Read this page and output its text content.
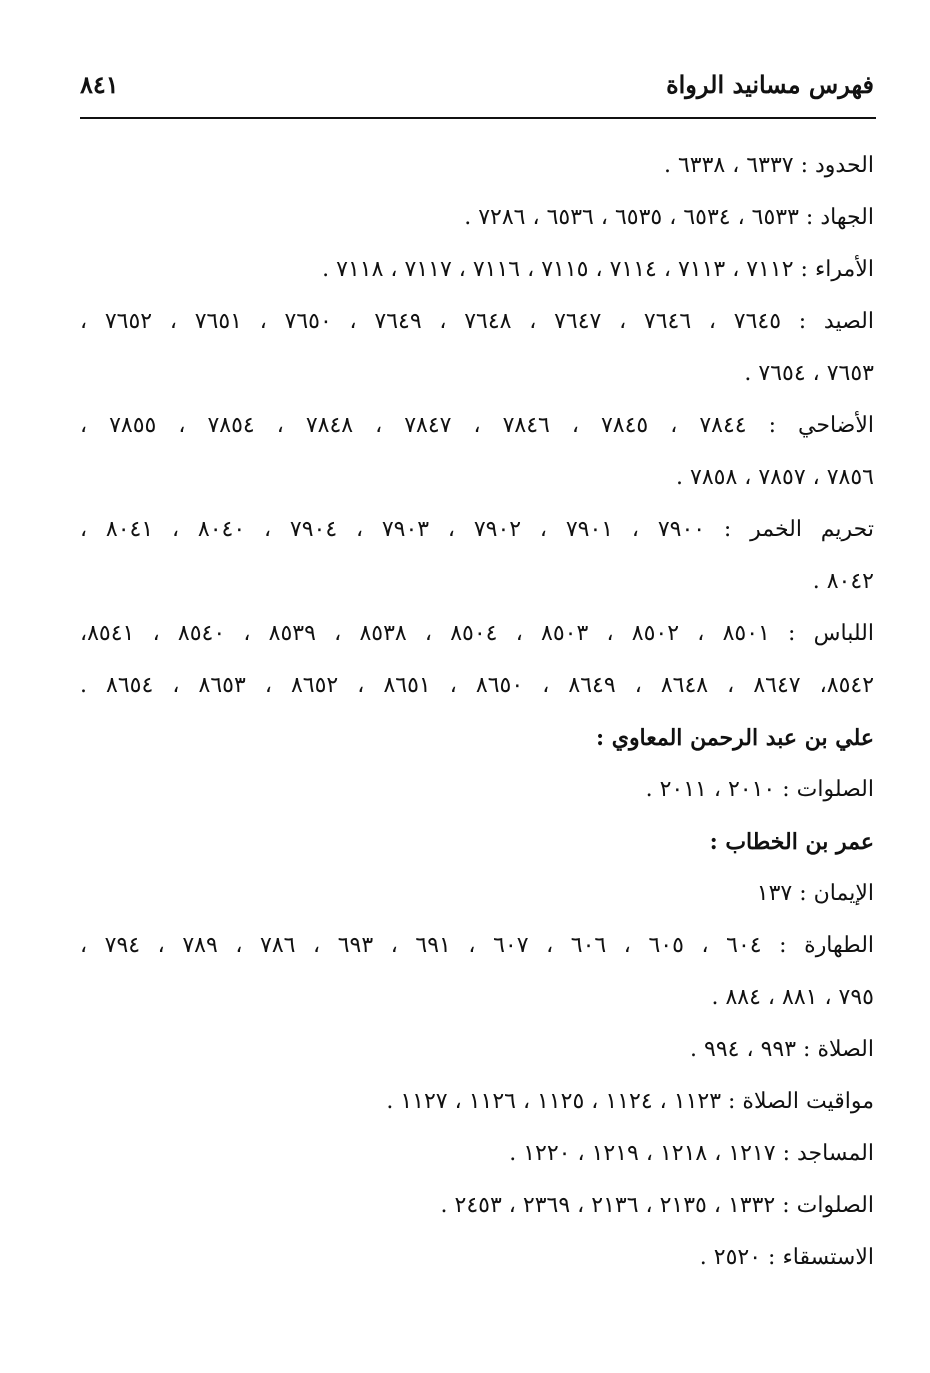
فهرس مسانيد الرواة
٨٤١
الحدود : ٦٣٣٧ ، ٦٣٣٨ .
الجهاد : ٦٥٣٣ ، ٦٥٣٤ ، ٦٥٣٥ ، ٦٥٣٦ ، ٧٢٨٦ .
الأمراء : ٧١١٢ ، ٧١١٣ ، ٧١١٤ ، ٧١١٥ ، ٧١١٦ ، ٧١١٧ ، ٧١١٨ .
الصيد : ٧٦٤٥ ، ٧٦٤٦ ، ٧٦٤٧ ، ٧٦٤٨ ، ٧٦٤٩ ، ٧٦٥٠ ، ٧٦٥١ ، ٧٦٥٢ ،
٧٦٥٣ ، ٧٦٥٤ .
الأضاحي : ٧٨٤٤ ، ٧٨٤٥ ، ٧٨٤٦ ، ٧٨٤٧ ، ٧٨٤٨ ، ٧٨٥٤ ، ٧٨٥٥ ،
٧٨٥٦ ، ٧٨٥٧ ، ٧٨٥٨ .
تحريم الخمر : ٧٩٠٠ ، ٧٩٠١ ، ٧٩٠٢ ، ٧٩٠٣ ، ٧٩٠٤ ، ٨٠٤٠ ، ٨٠٤١ ،
٨٠٤٢ .
اللباس : ٨٥٠١ ، ٨٥٠٢ ، ٨٥٠٣ ، ٨٥٠٤ ، ٨٥٣٨ ، ٨٥٣٩ ، ٨٥٤٠ ، ٨٥٤١،
٨٥٤٢، ٨٦٤٧ ، ٨٦٤٨ ، ٨٦٤٩ ، ٨٦٥٠ ، ٨٦٥١ ، ٨٦٥٢ ، ٨٦٥٣ ، ٨٦٥٤ .
علي بن عبد الرحمن المعاوي :
الصلوات : ٢٠١٠ ، ٢٠١١ .
عمر بن الخطاب :
الإيمان : ١٣٧
الطهارة : ٦٠٤ ، ٦٠٥ ، ٦٠٦ ، ٦٠٧ ، ٦٩١ ، ٦٩٣ ، ٧٨٦ ، ٧٨٩ ، ٧٩٤ ،
٧٩٥ ، ٨٨١ ، ٨٨٤ .
الصلاة : ٩٩٣ ، ٩٩٤ .
مواقيت الصلاة : ١١٢٣ ، ١١٢٤ ، ١١٢٥ ، ١١٢٦ ، ١١٢٧ .
المساجد : ١٢١٧ ، ١٢١٨ ، ١٢١٩ ، ١٢٢٠ .
الصلوات : ١٣٣٢ ، ٢١٣٥ ، ٢١٣٦ ، ٢٣٦٩ ، ٢٤٥٣ .
الاستسقاء : ٢٥٢٠ .
